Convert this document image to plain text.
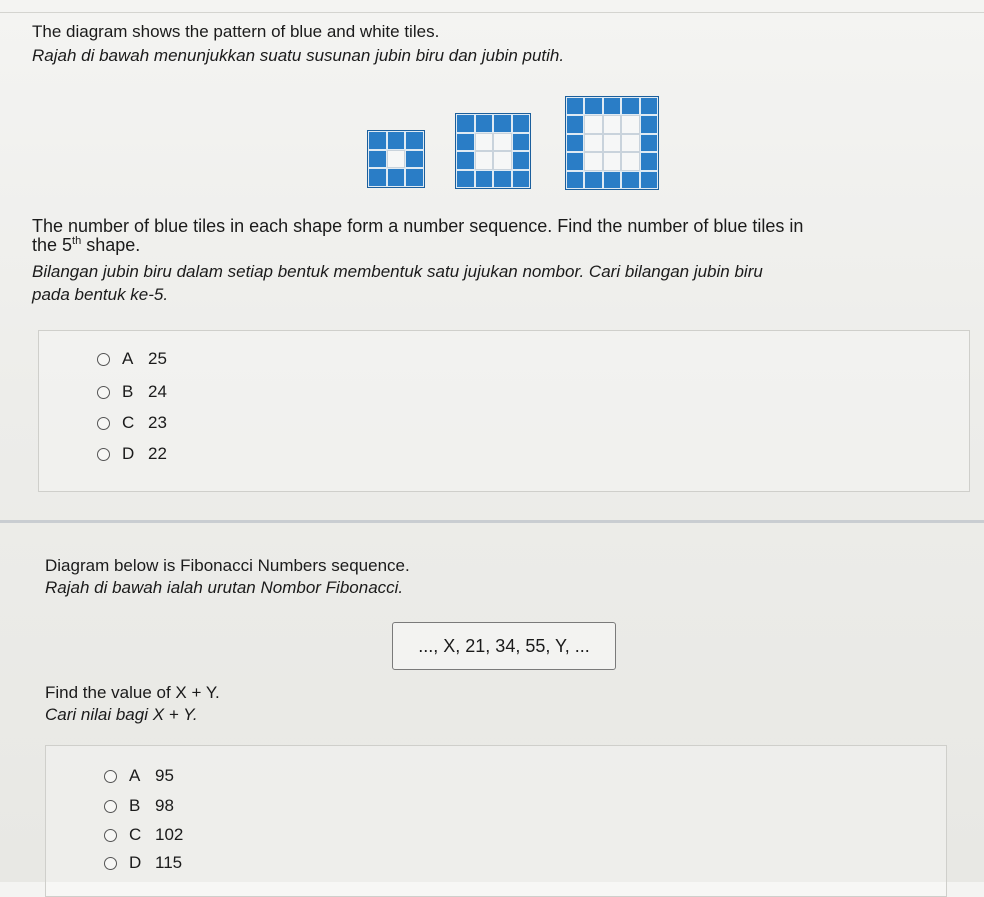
The diagram shows the pattern of blue and white tiles.
Rajah di bawah menunjukkan suatu susunan jubin biru dan jubin putih.
The number of blue tiles in each shape form a number sequence. Find the number of blue tiles in
the 5th shape.
Bilangan jubin biru dalam setiap bentuk membentuk satu jujukan nombor. Cari bilangan jubin biru
pada bentuk ke-5.
A 25
B 24
C 23
D 22
Diagram below is Fibonacci Numbers sequence.
Rajah di bawah ialah urutan Nombor Fibonacci.
..., X, 21, 34, 55, Y, ...
Find the value of X + Y.
Cari nilai bagi X + Y.
A 95
B 98
C 102
D 115
